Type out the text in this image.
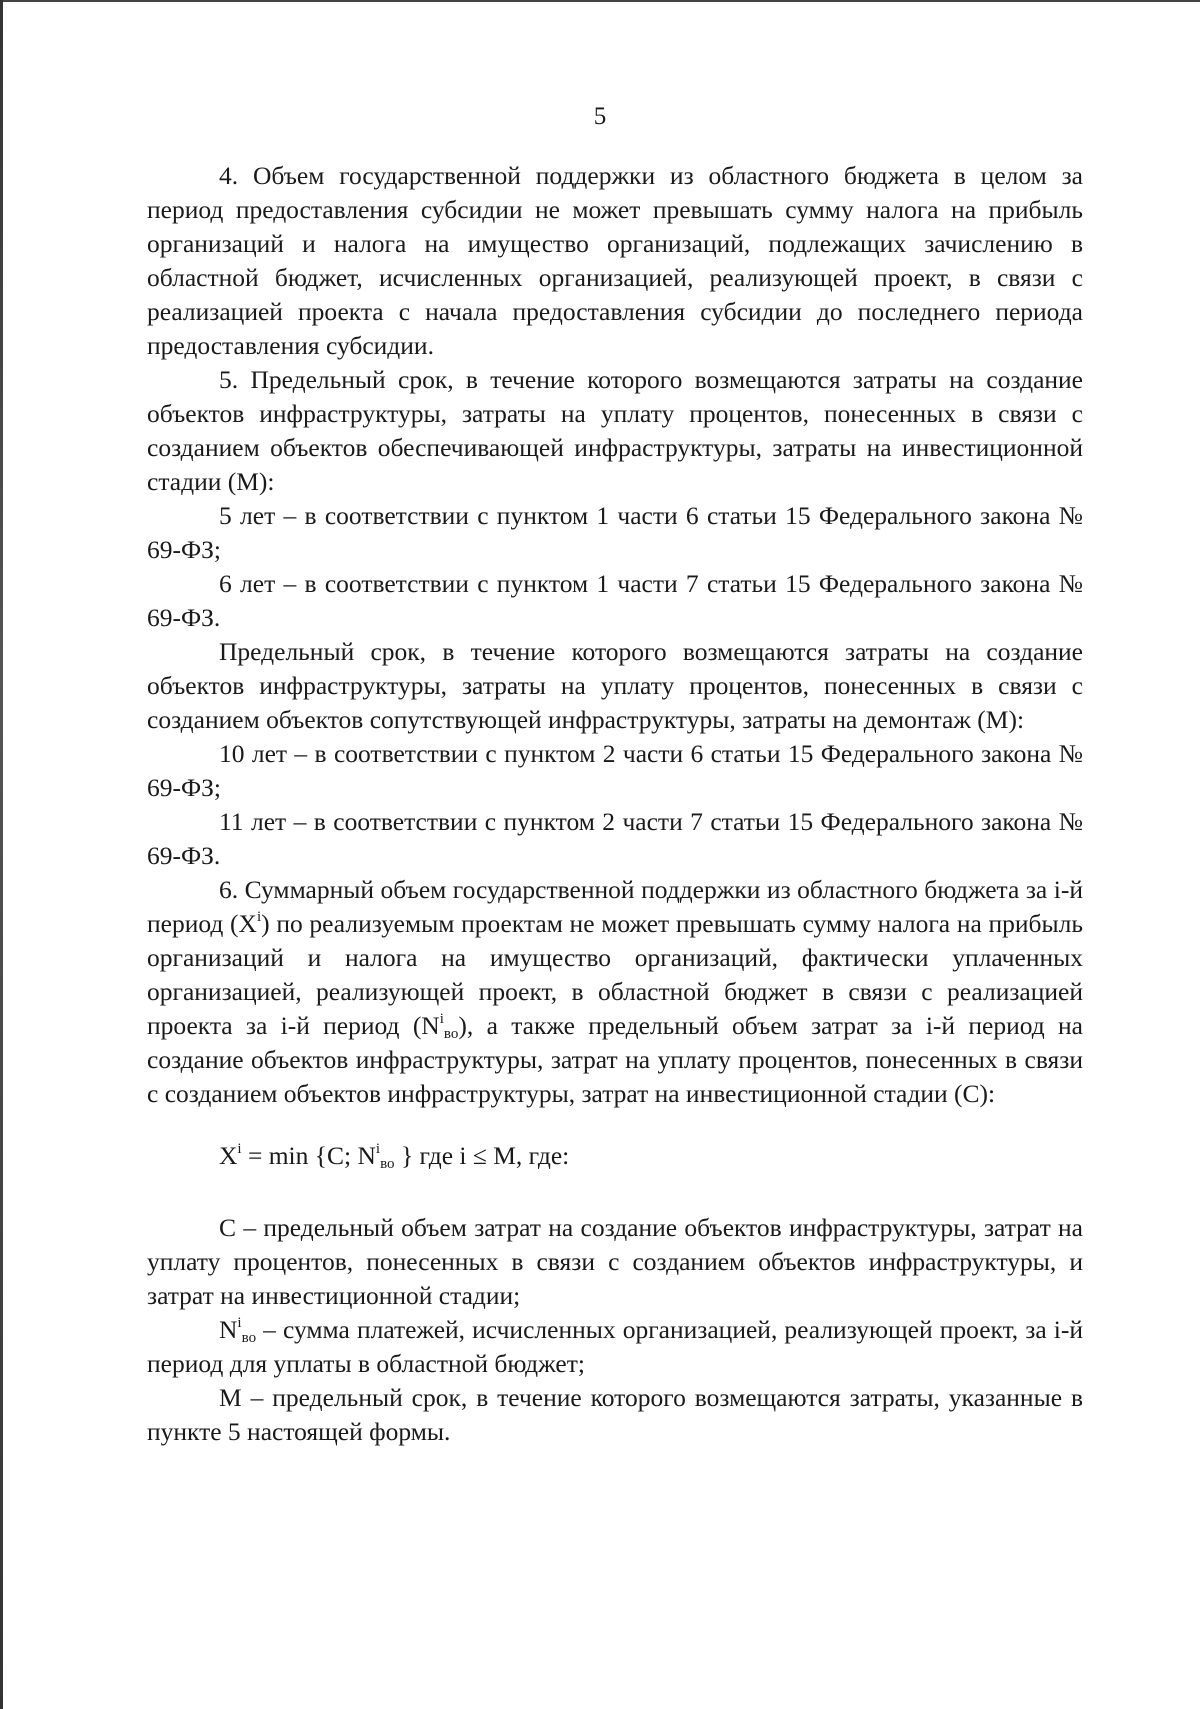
5

4. Объем государственной поддержки из областного бюджета в целом за период предоставления субсидии не может превышать сумму налога на прибыль организаций и налога на имущество организаций, подлежащих зачислению в областной бюджет, исчисленных организацией, реализующей проект, в связи с реализацией проекта с начала предоставления субсидии до последнего периода предоставления субсидии.

5. Предельный срок, в течение которого возмещаются затраты на создание объектов инфраструктуры, затраты на уплату процентов, понесенных в связи с созданием объектов обеспечивающей инфраструктуры, затраты на инвестиционной стадии (М):

5 лет – в соответствии с пунктом 1 части 6 статьи 15 Федерального закона № 69-ФЗ;

6 лет – в соответствии с пунктом 1 части 7 статьи 15 Федерального закона № 69-ФЗ.

Предельный срок, в течение которого возмещаются затраты на создание объектов инфраструктуры, затраты на уплату процентов, понесенных в связи с созданием объектов сопутствующей инфраструктуры, затраты на демонтаж (М):

10 лет – в соответствии с пунктом 2 части 6 статьи 15 Федерального закона № 69-ФЗ;

11 лет – в соответствии с пунктом 2 части 7 статьи 15 Федерального закона № 69-ФЗ.

6. Суммарный объем государственной поддержки из областного бюджета за i-й период $(X^i)$ по реализуемым проектам не может превышать сумму налога на прибыль организаций и налога на имущество организаций, фактически уплаченных организацией, реализующей проект, в областной бюджет в связи с реализацией проекта за i-й период $(N^i_{во})$, а также предельный объем затрат за i-й период на создание объектов инфраструктуры, затрат на уплату процентов, понесенных в связи с созданием объектов инфраструктуры, затрат на инвестиционной стадии (С):

$X^i = \min \{C$; $N^i_{во}$ } где i ≤ M, где:

С – предельный объем затрат на создание объектов инфраструктуры, затрат на уплату процентов, понесенных в связи с созданием объектов инфраструктуры, и затрат на инвестиционной стадии;

$N^i_{во}$ – сумма платежей, исчисленных организацией, реализующей проект, за i-й период для уплаты в областной бюджет;

М – предельный срок, в течение которого возмещаются затраты, указанные в пункте 5 настоящей формы.
